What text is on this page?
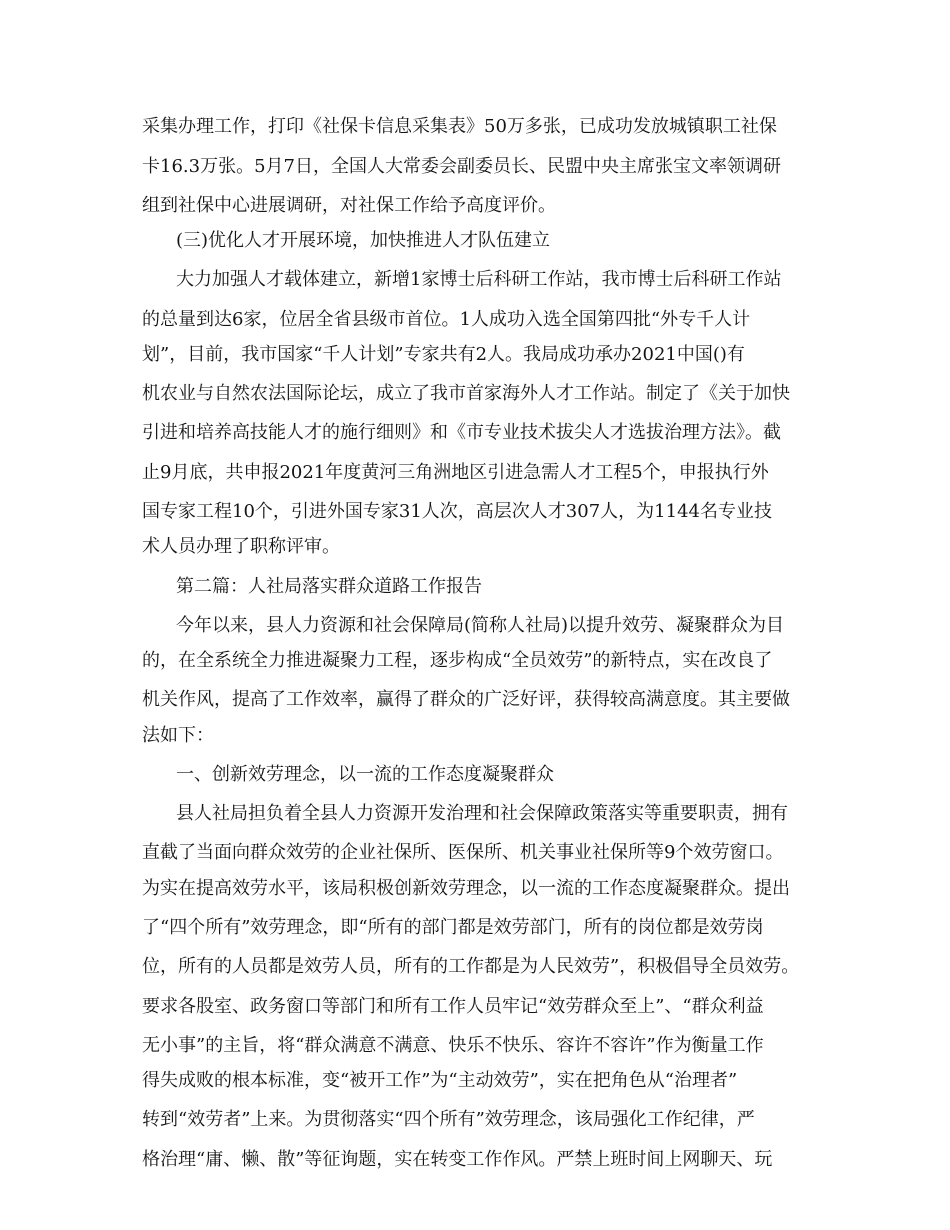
采集办理工作，打印《社保卡信息采集表》50万多张，已成功发放城镇职工社保
卡16.3万张。5月7日，全国人大常委会副委员长、民盟中央主席张宝文率领调研
组到社保中心进展调研，对社保工作给予高度评价。
(三)优化人才开展环境，加快推进人才队伍建立
大力加强人才载体建立，新增1家博士后科研工作站，我市博士后科研工作站
的总量到达6家，位居全省县级市首位。1人成功入选全国第四批“外专千人计
划”，目前，我市国家“千人计划”专家共有2人。我局成功承办2021中国()有
机农业与自然农法国际论坛，成立了我市首家海外人才工作站。制定了《关于加快
引进和培养高技能人才的施行细则》和《市专业技术拔尖人才选拔治理方法》。截
止9月底，共申报2021年度黄河三角洲地区引进急需人才工程5个，申报执行外
国专家工程10个，引进外国专家31人次，高层次人才307人，为1144名专业技
术人员办理了职称评审。
第二篇：人社局落实群众道路工作报告
今年以来，县人力资源和社会保障局(简称人社局)以提升效劳、凝聚群众为目
的，在全系统全力推进凝聚力工程，逐步构成“全员效劳”的新特点，实在改良了
机关作风，提高了工作效率，赢得了群众的广泛好评，获得较高满意度。其主要做
法如下：
一、创新效劳理念，以一流的工作态度凝聚群众
县人社局担负着全县人力资源开发治理和社会保障政策落实等重要职责，拥有
直截了当面向群众效劳的企业社保所、医保所、机关事业社保所等9个效劳窗口。
为实在提高效劳水平，该局积极创新效劳理念，以一流的工作态度凝聚群众。提出
了“四个所有”效劳理念，即“所有的部门都是效劳部门，所有的岗位都是效劳岗
位，所有的人员都是效劳人员，所有的工作都是为人民效劳”，积极倡导全员效劳。
要求各股室、政务窗口等部门和所有工作人员牢记“效劳群众至上”、“群众利益
无小事”的主旨，将“群众满意不满意、快乐不快乐、容许不容许”作为衡量工作
得失成败的根本标准，变“被开工作”为“主动效劳”，实在把角色从“治理者”
转到“效劳者”上来。为贯彻落实“四个所有”效劳理念，该局强化工作纪律，严
格治理“庸、懒、散”等征询题，实在转变工作作风。严禁上班时间上网聊天、玩
